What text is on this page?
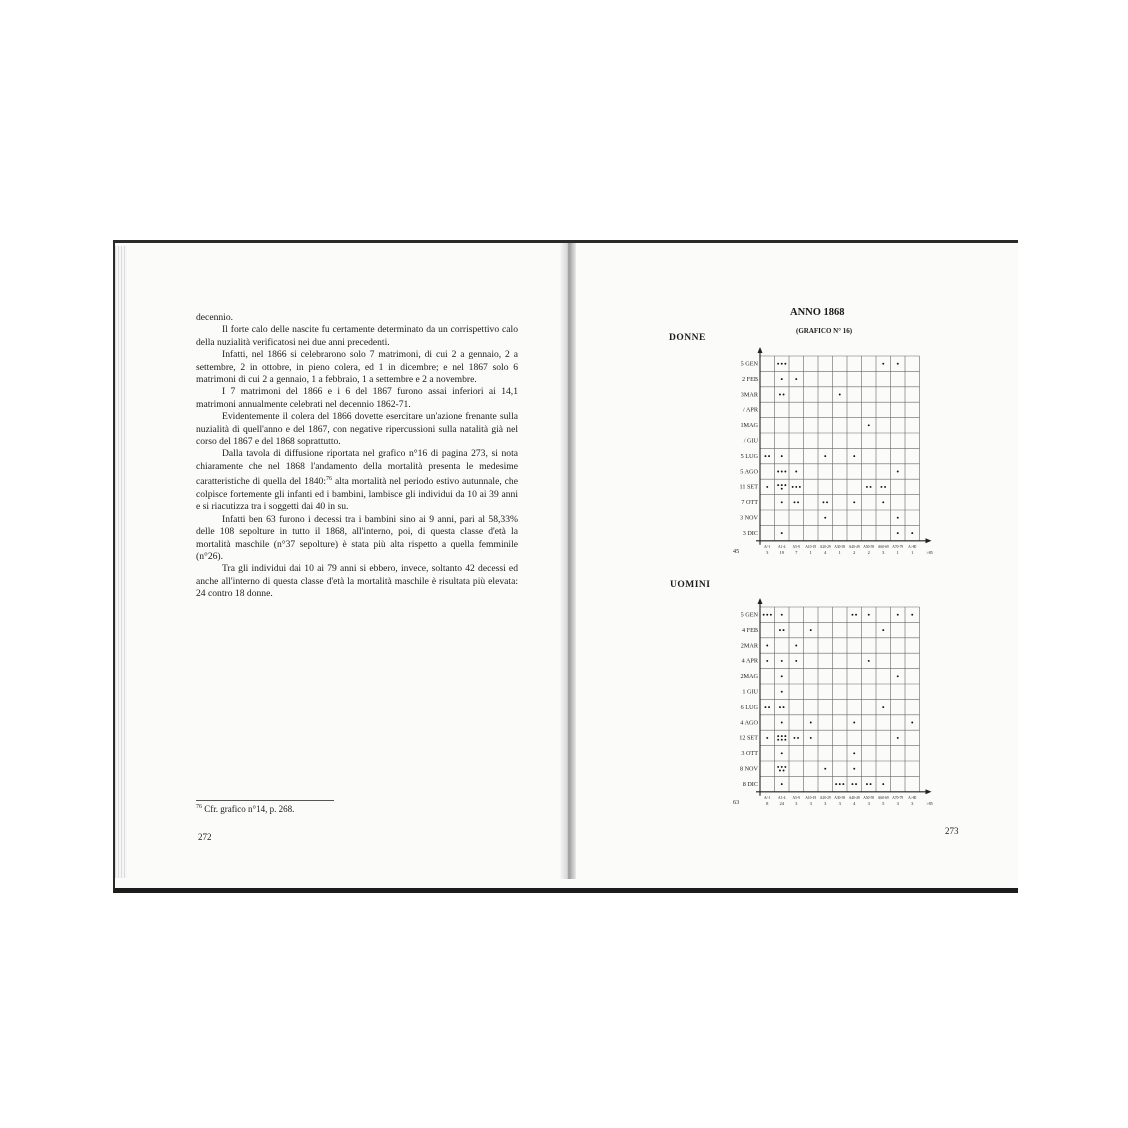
decennio.

Il forte calo delle nascite fu certamente determinato da un corrispettivo calo della nuzialità verificatosi nei due anni precedenti.

Infatti, nel 1866 si celebrarono solo 7 matrimoni, di cui 2 a gennaio, 2 a settembre, 2 in ottobre, in pieno colera, ed 1 in dicembre; e nel 1867 solo 6 matrimoni di cui 2 a gennaio, 1 a febbraio, 1 a settembre e 2 a novembre.

I 7 matrimoni del 1866 e i 6 del 1867 furono assai inferiori ai 14,1 matrimoni annualmente celebrati nel decennio 1862-71.

Evidentemente il colera del 1866 dovette esercitare un'azione frenante sulla nuzialità di quell'anno e del 1867, con negative ripercussioni sulla natalità già nel corso del 1867 e del 1868 soprattutto.

Dalla tavola di diffusione riportata nel grafico n°16 di pagina 273, si nota chiaramente che nel 1868 l'andamento della mortalità presenta le medesime caratteristiche di quella del 1840:$^{76}$ alta mortalità nel periodo estivo autunnale, che colpisce fortemente gli infanti ed i bambini, lambisce gli individui da 10 ai 39 anni e si riacutizza tra i soggetti dai 40 in su.

Infatti ben 63 furono i decessi tra i bambini sino ai 9 anni, pari al 58,33% delle 108 sepolture in tutto il 1868, all'interno, poi, di questa classe d'età la mortalità maschile (n°37 sepolture) è stata più alta rispetto a quella femminile (n°26).

Tra gli individui dai 10 ai 79 anni si ebbero, invece, soltanto 42 decessi ed anche all'interno di questa classe d'età la mortalità maschile è risultata più elevata: 24 contro 18 donne.

$^{76}$ Cfr. grafico n°14, p. 268.
272
ANNO 1868
(GRAFICO N° 16)
DONNE
UOMINI
5 GEN
2 FEB
3MAR
/ APR
1MAG
/ GIU
5 LUG
5 AGO
11 SET
7 OTT
3 NOV
3 DIC
A/-1
3
A1-4
19
A5-9
7
A10-19
1
A20-29
4
A30-39
1
A40-49
2
A50-59
2
A60-69
3
A70-79
1
A>80
1	>85
45
5 GEN
4 FEB
2MAR
4 APR
2MAG
1 GIU
6 LUG
4 AGO
12 SET
3 OTT
8 NOV
8 DIC
A/-1
8
A1-4
24
A5-9
3
A10-19
3
A20-29
3
A30-39
3
A40-49
4
A50-59
3
A60-69
5
A70-79
3
A>80
3	>85
63
273
